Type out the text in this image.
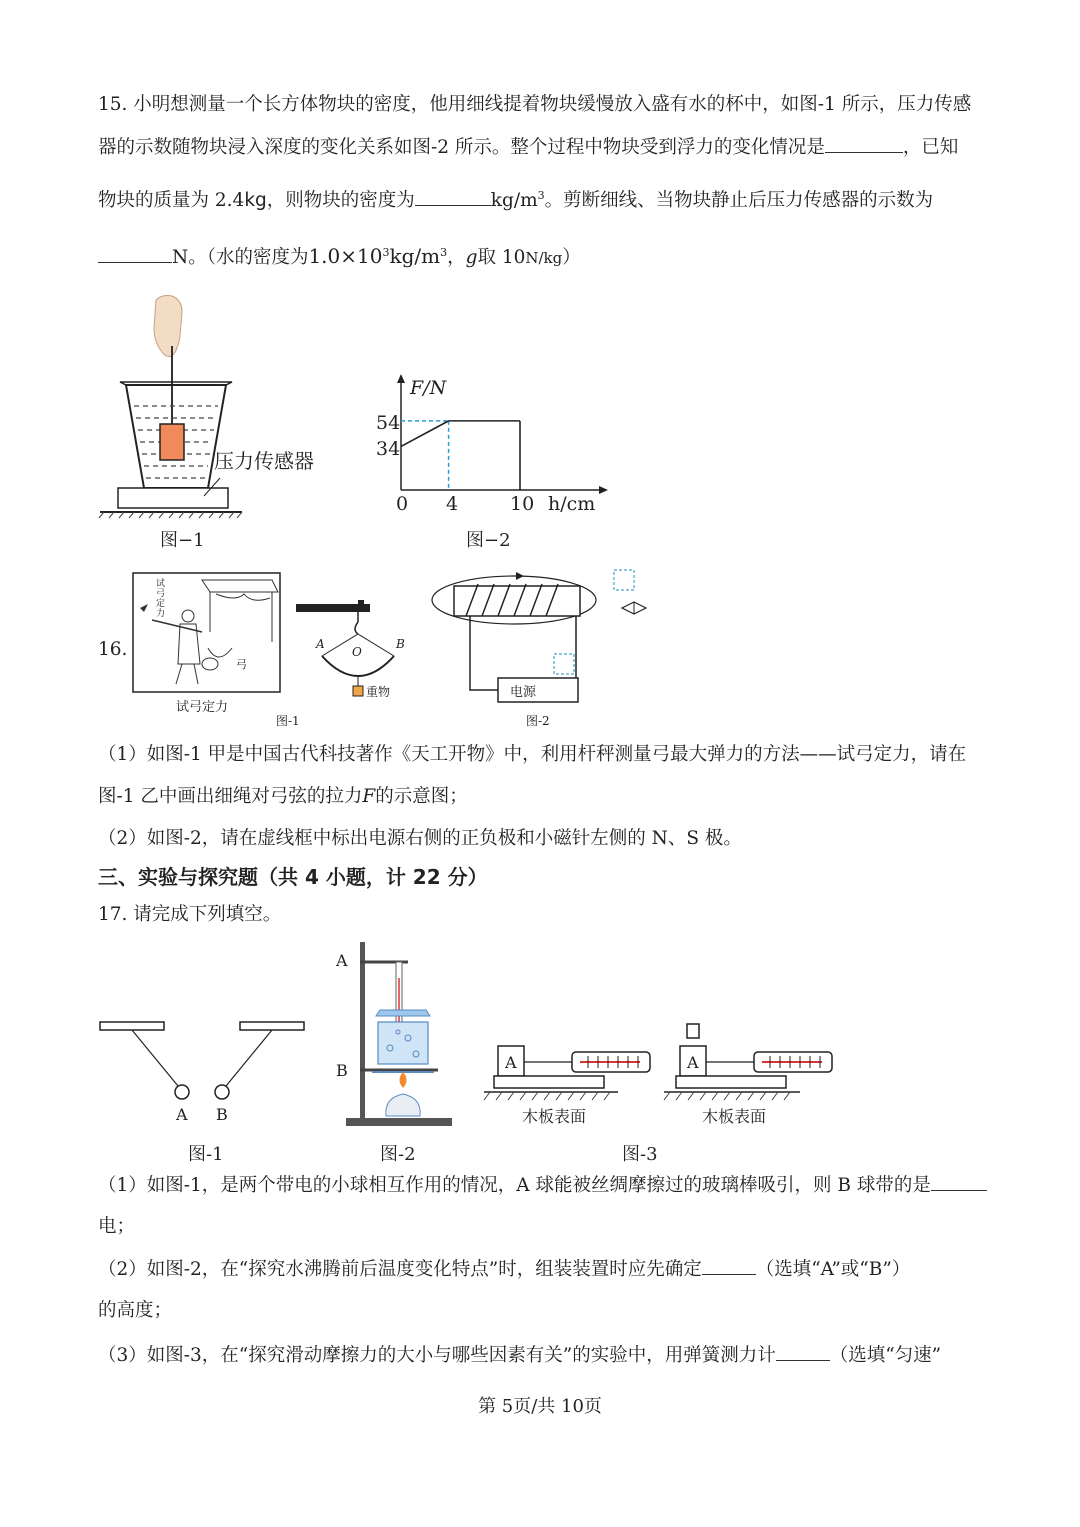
15. 小明想测量一个长方体物块的密度，他用细线提着物块缓慢放入盛有水的杯中，如图-1 所示，压力传感
器的示数随物块浸入深度的变化关系如图-2 所示。整个过程中物块受到浮力的变化情况是	，已知
物块的质量为 2.4kg，则物块的密度为	$kg/m^3$。剪断细线、当物块静止后压力传感器的示数为
N。（水的密度为$1.0\times 10^3kg/m^3$，g取 10N/kg）
压力传感器
图−1
F/N
h/cm
54
34
0 4	10
图−2
16.
试
弓
定
力
弓
试弓定力
A
O
B
重物
图-1
电源
图-2
（1）如图-1 甲是中国古代科技著作《天工开物》中，利用杆秤测量弓最大弹力的方法——试弓定力，请在
图-1 乙中画出细绳对弓弦的拉力F的示意图；
（2）如图-2，请在虚线框中标出电源右侧的正负极和小磁针左侧的 N、S 极。
三、实验与探究题（共 4 小题，计 22 分）
17. 请完成下列填空。
A B
图-1
A
B
图-2
A
木板表面
A
木板表面
图-3
（1）如图-1，是两个带电的小球相互作用的情况，A 球能被丝绸摩擦过的玻璃棒吸引，则 B 球带的是
电；
（2）如图-2，在“探究水沸腾前后温度变化特点”时，组装装置时应先确定	（选填“A”或“B”）
的高度；
（3）如图-3，在“探究滑动摩擦力的大小与哪些因素有关”的实验中，用弹簧测力计	（选填“匀速”
第 5页/共 10页
